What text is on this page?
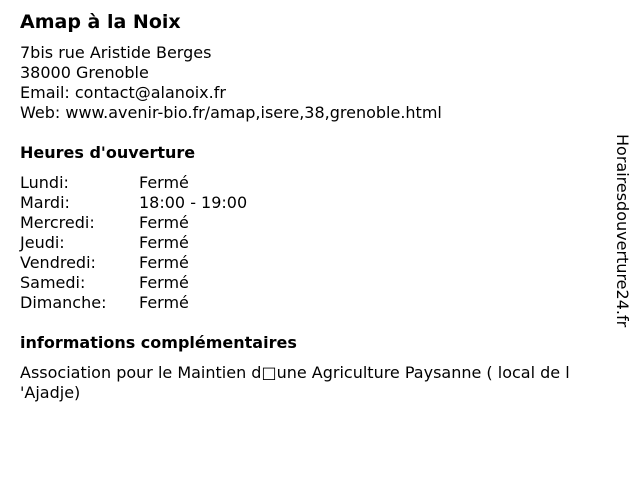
Amap à la Noix
7bis rue Aristide Berges
38000 Grenoble
Email: contact@alanoix.fr
Web: www.avenir-bio.fr/amap,isere,38,grenoble.html
Heures d'ouverture
Lundi:	Fermé
Mardi:	18:00 - 19:00
Mercredi:	Fermé
Jeudi:	Fermé
Vendredi:	Fermé
Samedi:	Fermé
Dimanche:	Fermé
informations complémentaires
Association pour le Maintien d□une Agriculture Paysanne ( local de l 'Ajadje)
Horairesdouverture24.fr
